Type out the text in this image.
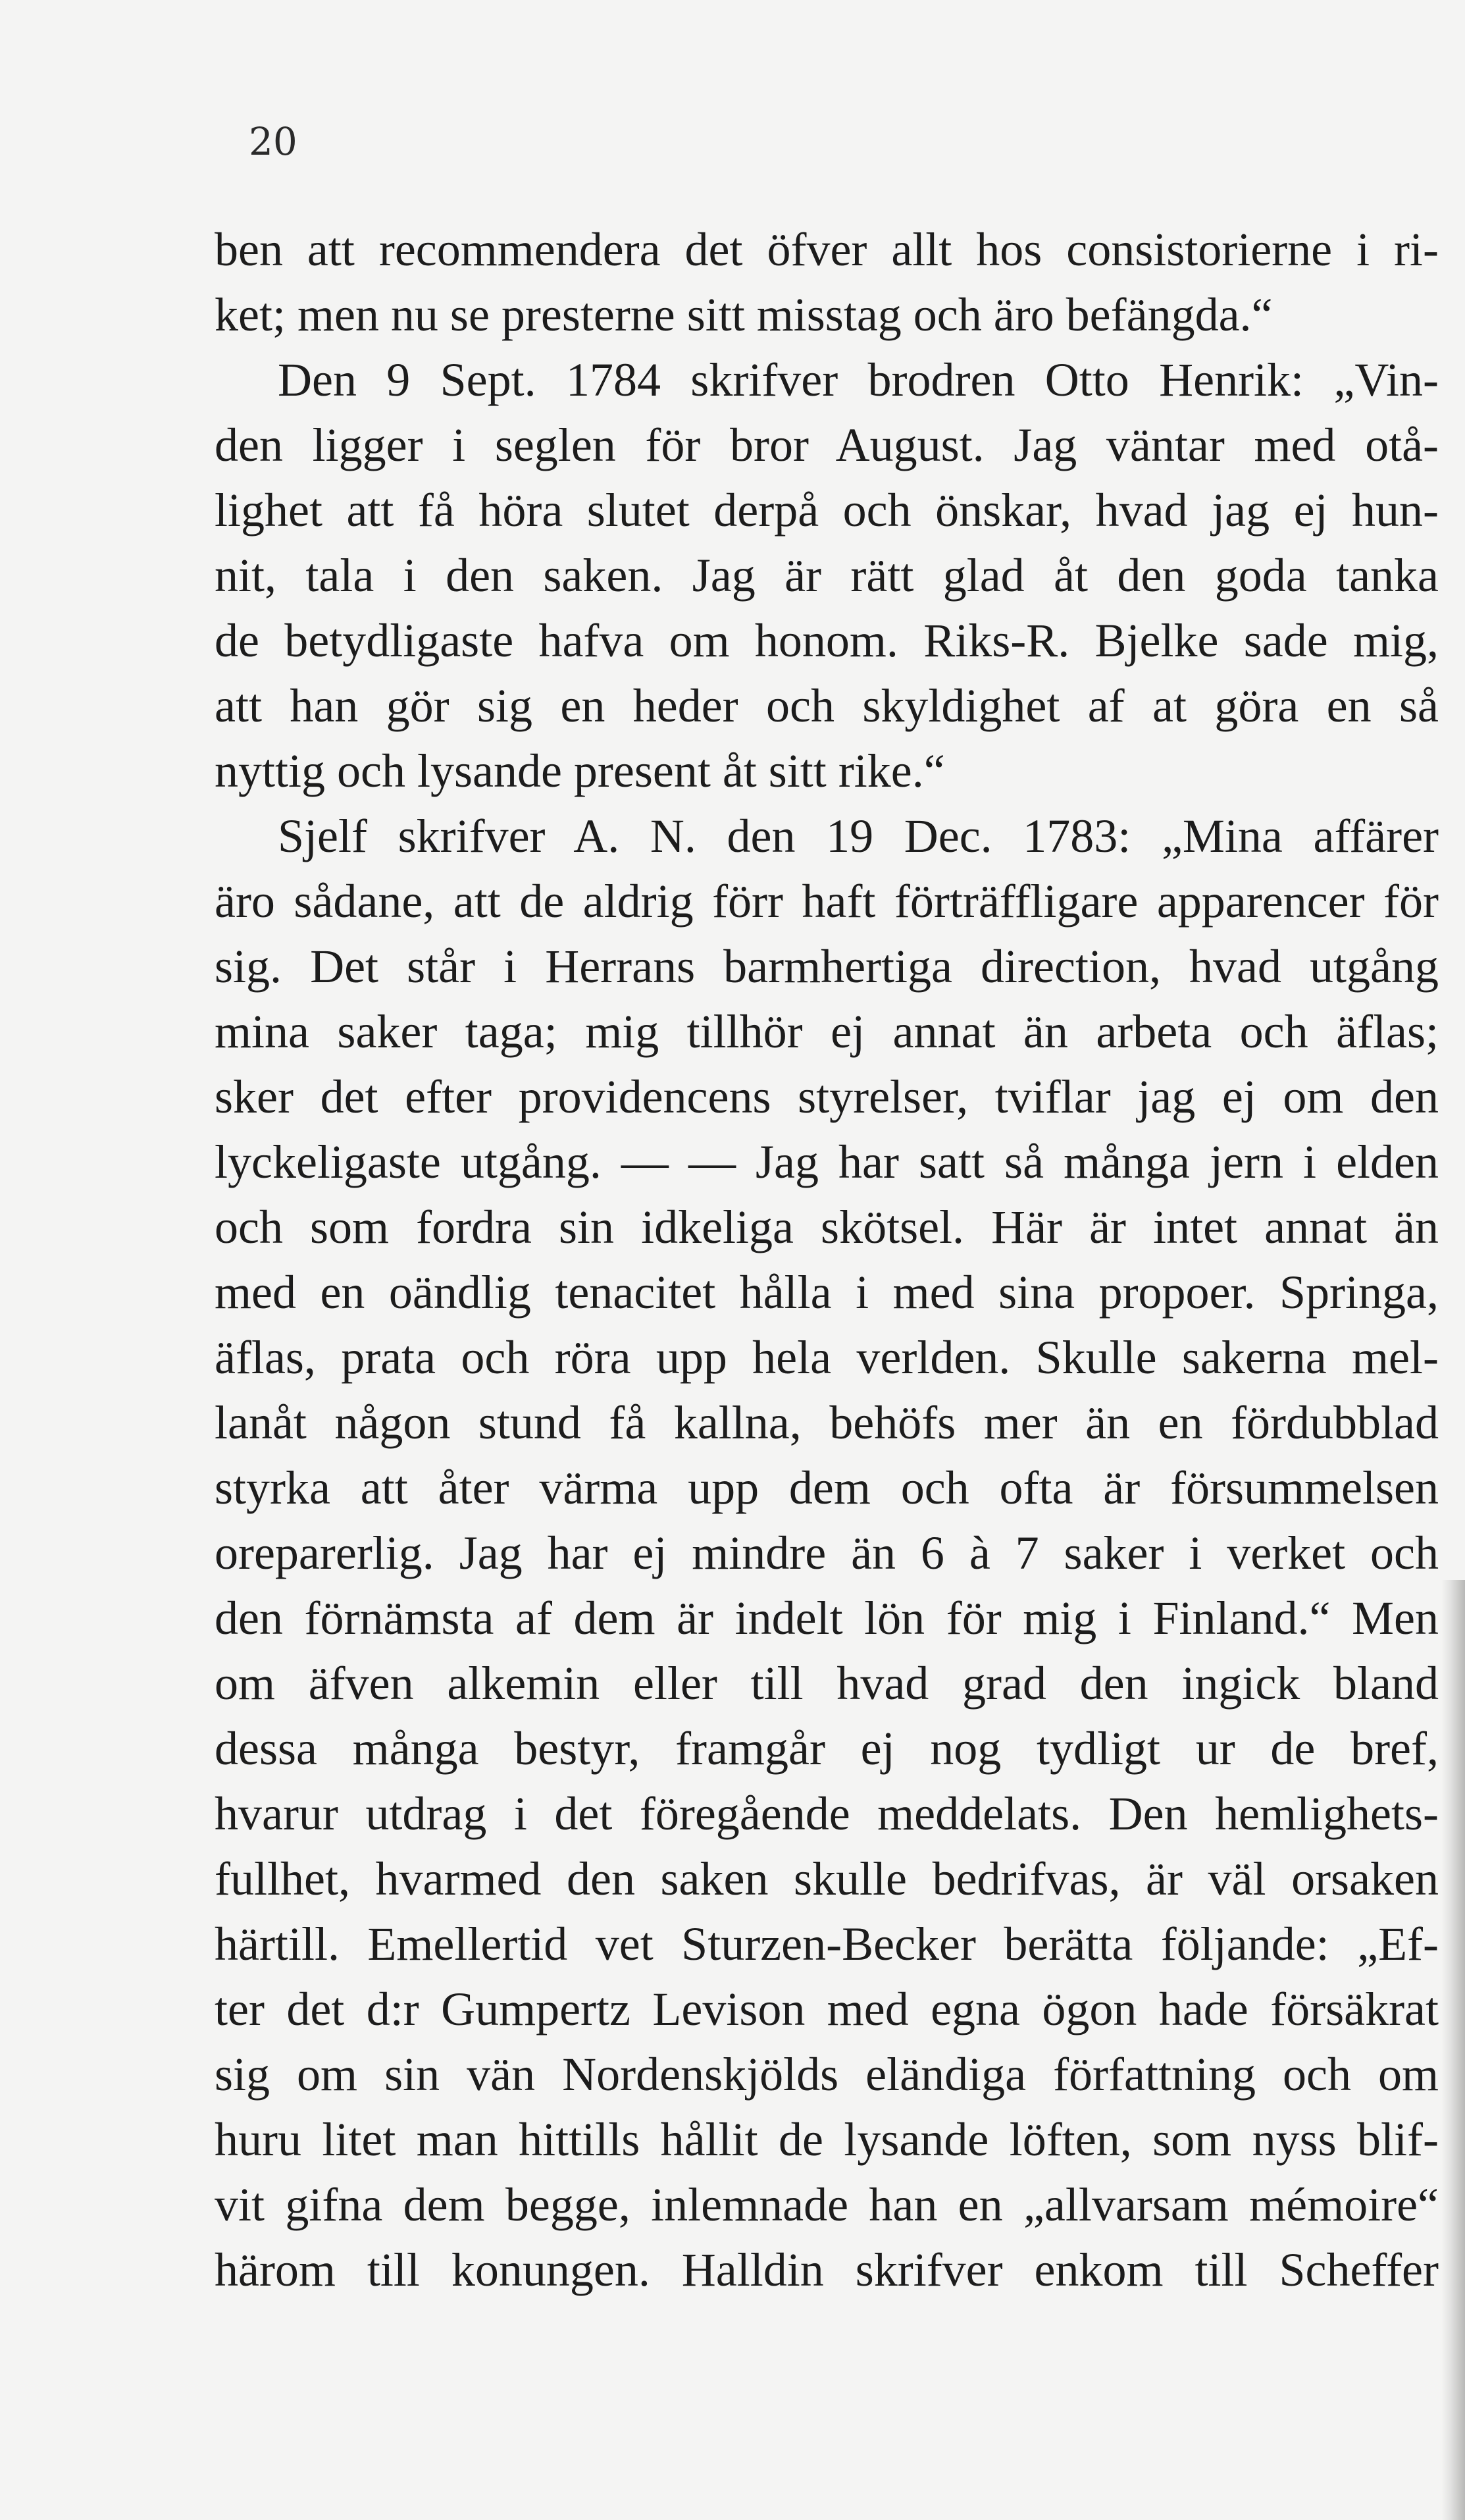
20
ben att recommendera det öfver allt hos consistorierne i ri-
ket; men nu se presterne sitt misstag och äro befängda.“
Den 9 Sept. 1784 skrifver brodren Otto Henrik: „Vin-
den ligger i seglen för bror August. Jag väntar med otå-
lighet att få höra slutet derpå och önskar, hvad jag ej hun-
nit, tala i den saken. Jag är rätt glad åt den goda tanka
de betydligaste hafva om honom. Riks-R. Bjelke sade mig,
att han gör sig en heder och skyldighet af at göra en så
nyttig och lysande present åt sitt rike.“
Sjelf skrifver A. N. den 19 Dec. 1783: „Mina affärer
äro sådane, att de aldrig förr haft förträffligare apparencer för
sig. Det står i Herrans barmhertiga direction, hvad utgång
mina saker taga; mig tillhör ej annat än arbeta och äflas;
sker det efter providencens styrelser, tviflar jag ej om den
lyckeligaste utgång. — — Jag har satt så många jern i elden
och som fordra sin idkeliga skötsel. Här är intet annat än
med en oändlig tenacitet hålla i med sina propoer. Springa,
äflas, prata och röra upp hela verlden. Skulle sakerna mel-
lanåt någon stund få kallna, behöfs mer än en fördubblad
styrka att åter värma upp dem och ofta är försummelsen
oreparerlig. Jag har ej mindre än 6 à 7 saker i verket och
den förnämsta af dem är indelt lön för mig i Finland.“ Men
om äfven alkemin eller till hvad grad den ingick bland
dessa många bestyr, framgår ej nog tydligt ur de bref,
hvarur utdrag i det föregående meddelats. Den hemlighets-
fullhet, hvarmed den saken skulle bedrifvas, är väl orsaken
härtill. Emellertid vet Sturzen-Becker berätta följande: „Ef-
ter det d:r Gumpertz Levison med egna ögon hade försäkrat
sig om sin vän Nordenskjölds eländiga författning och om
huru litet man hittills hållit de lysande löften, som nyss blif-
vit gifna dem begge, inlemnade han en „allvarsam mémoire“
härom till konungen. Halldin skrifver enkom till Scheffer
